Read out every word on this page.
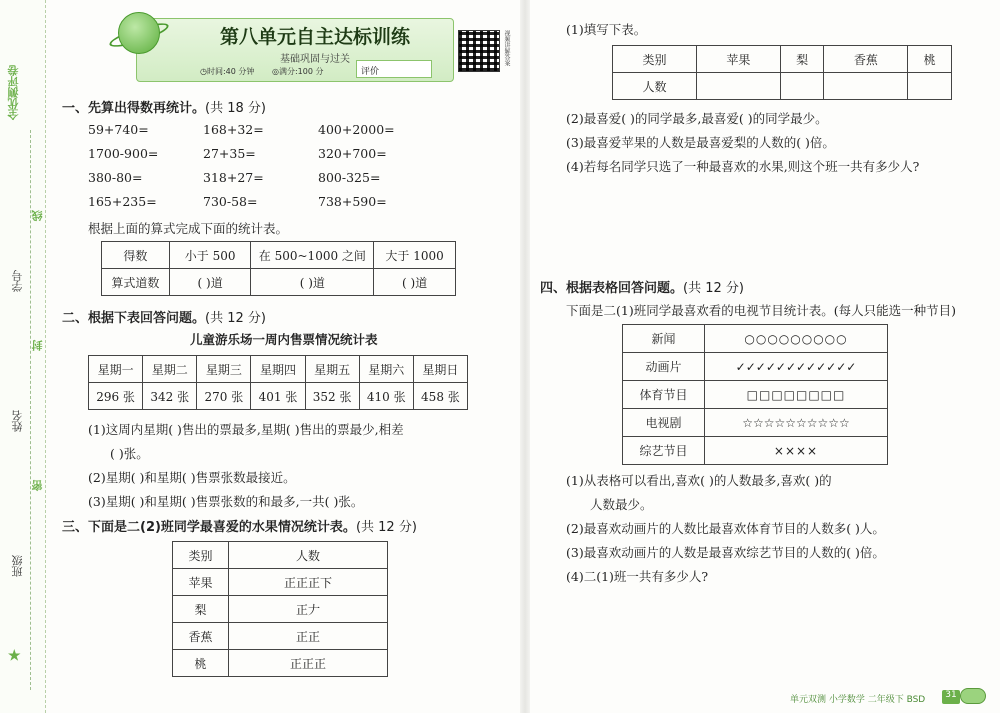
全优测评卷
★
学号
姓名
班级
线
封
密
第八单元自主达标训练
基础巩固与过关
◷时间:40 分钟 ◎满分:100 分	评价
视频讲解答案
一、先算出得数再统计。(共 18 分)
59+740=	168+32=	400+2000=
1700-900=	27+35=	320+700=
380-80=	318+27=	800-325=
165+235=	730-58=	738+590=
根据上面的算式完成下面的统计表。
得数	小于 500	在 500~1000 之间	大于 1000
算式道数	( )道	( )道	( )道
二、根据下表回答问题。(共 12 分)
儿童游乐场一周内售票情况统计表
星期一	星期二	星期三	星期四	星期五	星期六	星期日
296 张	342 张	270 张	401 张	352 张	410 张	458 张
(1)这周内星期( )售出的票最多,星期( )售出的票最少,相差
( )张。
(2)星期( )和星期( )售票张数最接近。
(3)星期( )和星期( )售票张数的和最多,一共( )张。
三、下面是二(2)班同学最喜爱的水果情况统计表。(共 12 分)
类别	人数
苹果	正正正下
梨	正𠂇
香蕉	正正
桃	正正正
(1)填写下表。
类别	苹果	梨	香蕉	桃
人数				
(2)最喜爱( )的同学最多,最喜爱( )的同学最少。
(3)最喜爱苹果的人数是最喜爱梨的人数的( )倍。
(4)若每名同学只选了一种最喜欢的水果,则这个班一共有多少人?
四、根据表格回答问题。(共 12 分)
下面是二(1)班同学最喜欢看的电视节目统计表。(每人只能选一种节目)
新闻	○○○○○○○○○
动画片	✓✓✓✓✓✓✓✓✓✓✓✓
体育节目	□□□□□□□□
电视剧	☆☆☆☆☆☆☆☆☆☆
综艺节目	××××
(1)从表格可以看出,喜欢( )的人数最多,喜欢( )的
人数最少。
(2)最喜欢动画片的人数比最喜欢体育节目的人数多( )人。
(3)最喜欢动画片的人数是最喜欢综艺节目的人数的( )倍。
(4)二(1)班一共有多少人?
单元双测 小学数学 二年级下 BSD	31
